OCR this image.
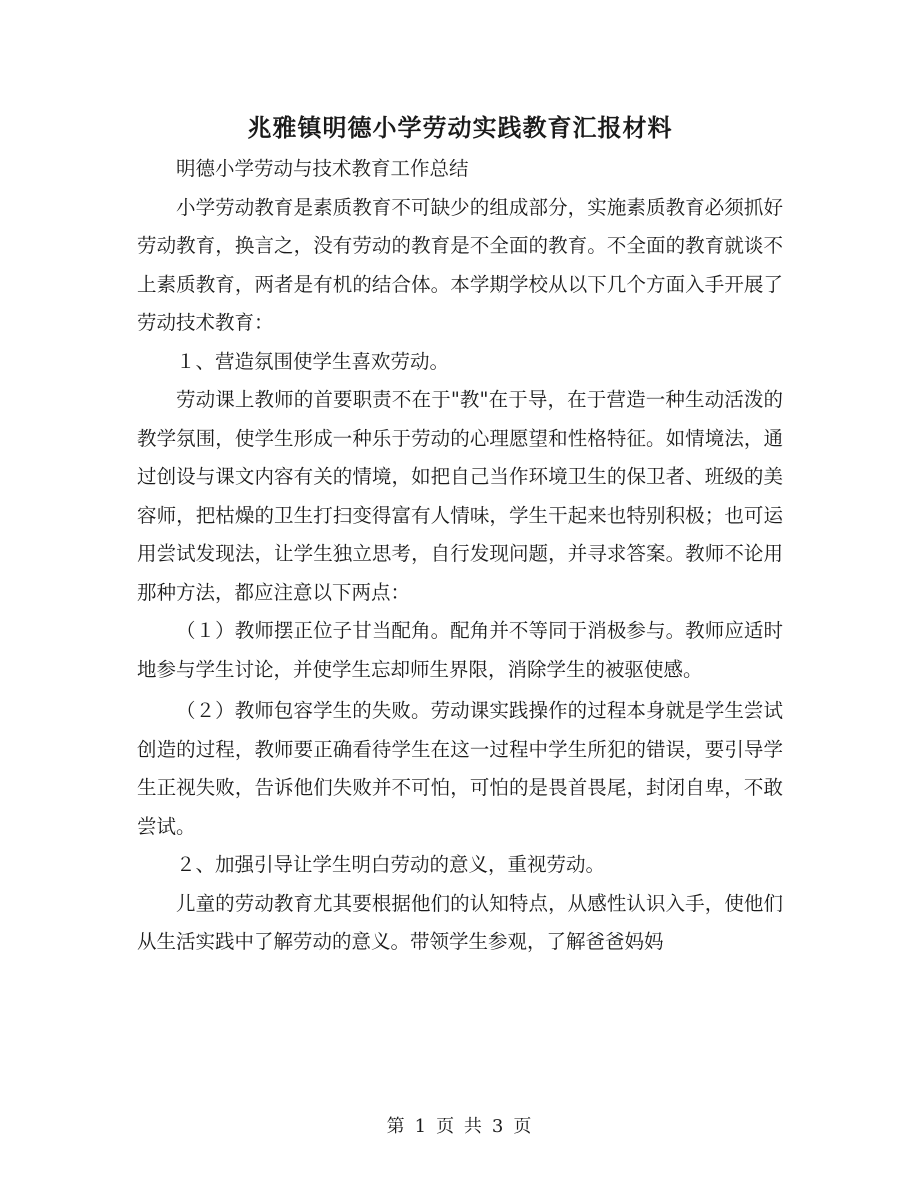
兆雅镇明德小学劳动实践教育汇报材料

明德小学劳动与技术教育工作总结

小学劳动教育是素质教育不可缺少的组成部分，实施素质教育必须抓好劳动教育，换言之，没有劳动的教育是不全面的教育。不全面的教育就谈不上素质教育，两者是有机的结合体。本学期学校从以下几个方面入手开展了劳动技术教育：

１、营造氛围使学生喜欢劳动。

劳动课上教师的首要职责不在于"教"在于导，在于营造一种生动活泼的教学氛围，使学生形成一种乐于劳动的心理愿望和性格特征。如情境法，通过创设与课文内容有关的情境，如把自己当作环境卫生的保卫者、班级的美容师，把枯燥的卫生打扫变得富有人情味，学生干起来也特别积极；也可运用尝试发现法，让学生独立思考，自行发现问题，并寻求答案。教师不论用那种方法，都应注意以下两点：

（１）教师摆正位子甘当配角。配角并不等同于消极参与。教师应适时地参与学生讨论，并使学生忘却师生界限，消除学生的被驱使感。

（２）教师包容学生的失败。劳动课实践操作的过程本身就是学生尝试创造的过程，教师要正确看待学生在这一过程中学生所犯的错误，要引导学生正视失败，告诉他们失败并不可怕，可怕的是畏首畏尾，封闭自卑，不敢尝试。

２、加强引导让学生明白劳动的意义，重视劳动。

儿童的劳动教育尤其要根据他们的认知特点，从感性认识入手，使他们从生活实践中了解劳动的意义。带领学生参观，了解爸爸妈妈

第 1 页 共 3 页
